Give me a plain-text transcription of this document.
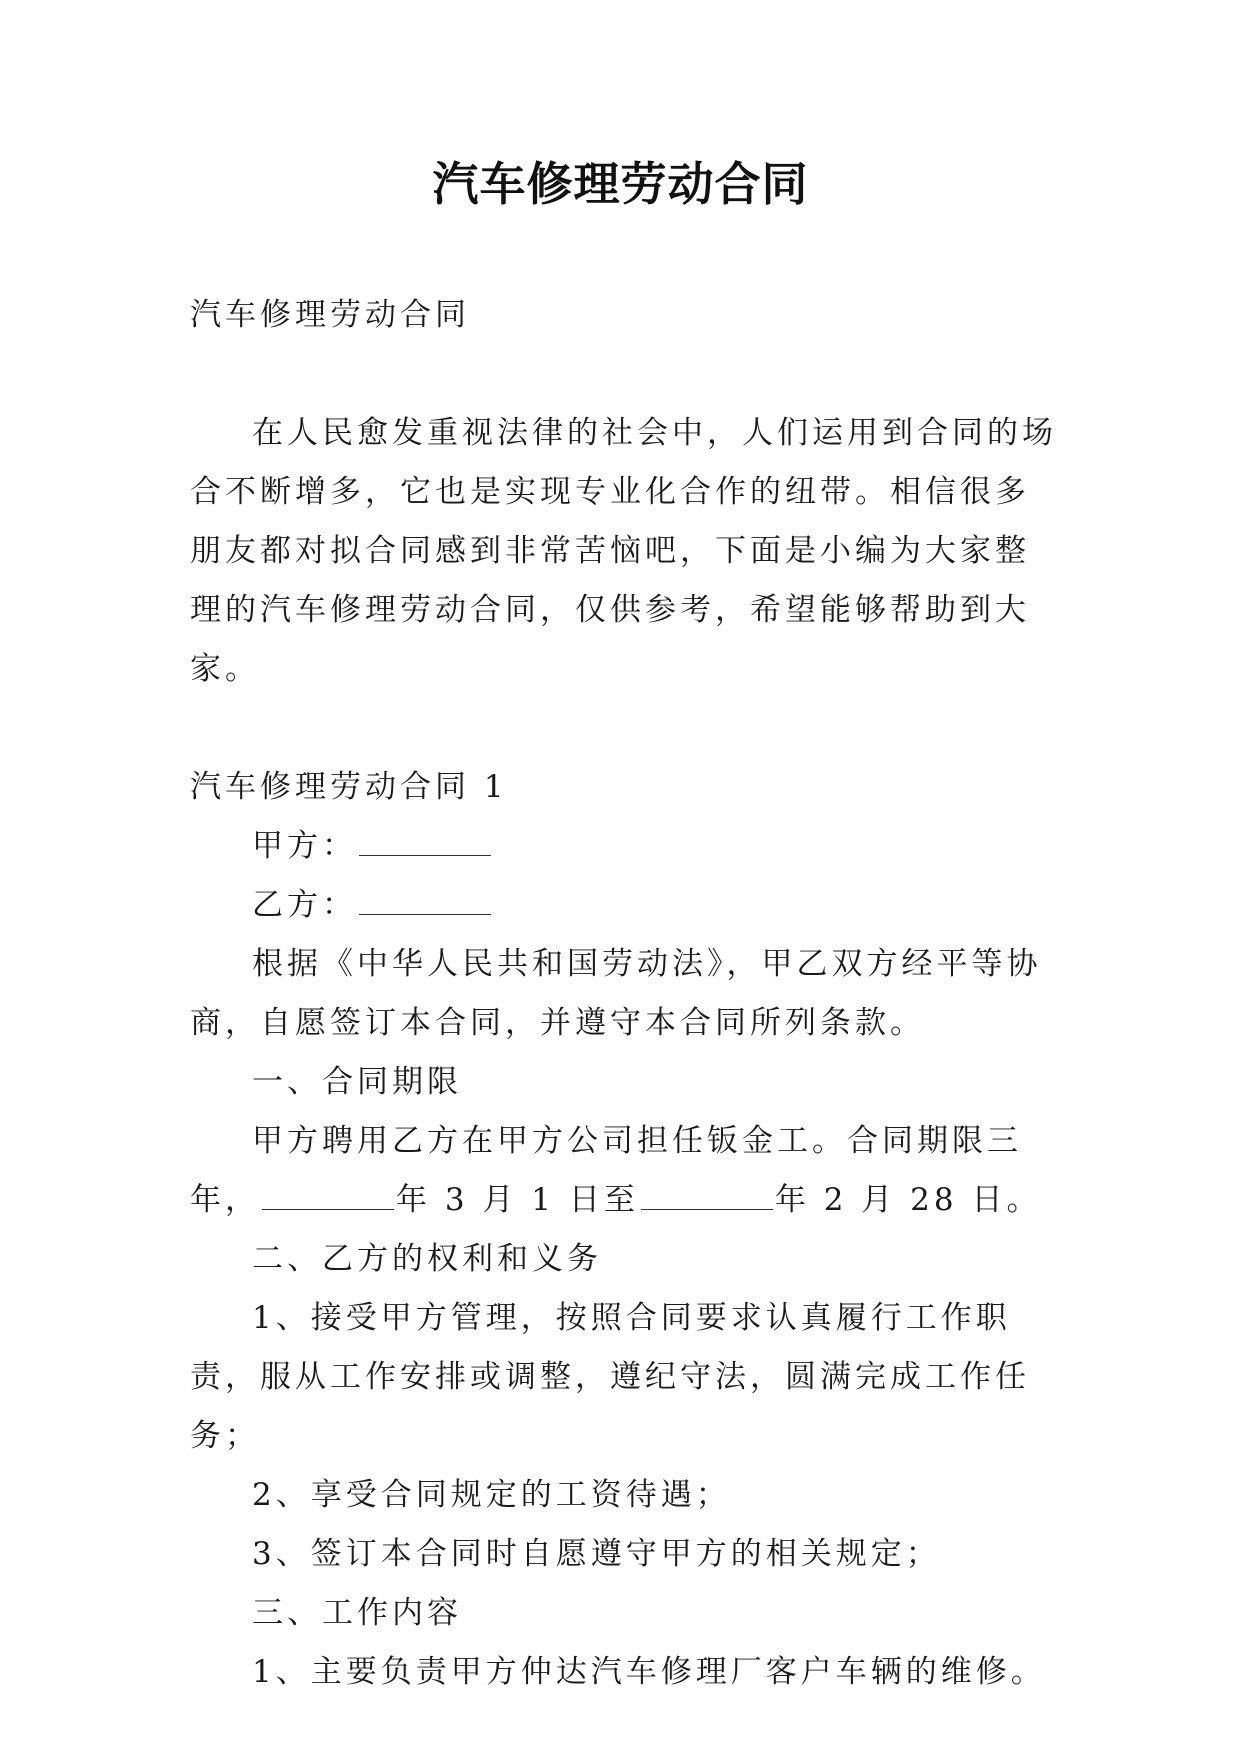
汽车修理劳动合同

汽车修理劳动合同

在人民愈发重视法律的社会中，人们运用到合同的场合不断增多，它也是实现专业化合作的纽带。相信很多朋友都对拟合同感到非常苦恼吧，下面是小编为大家整理的汽车修理劳动合同，仅供参考，希望能够帮助到大家。

汽车修理劳动合同 1

甲方：

乙方：

根据《中华人民共和国劳动法》，甲乙双方经平等协商，自愿签订本合同，并遵守本合同所列条款。

一、合同期限

甲方聘用乙方在甲方公司担任钣金工。合同期限三年，	年 3 月 1 日至	年 2 月 28 日。

二、乙方的权利和义务

1、接受甲方管理，按照合同要求认真履行工作职责，服从工作安排或调整，遵纪守法，圆满完成工作任务；

2、享受合同规定的工资待遇；

3、签订本合同时自愿遵守甲方的相关规定；

三、工作内容

1、主要负责甲方仲达汽车修理厂客户车辆的维修。
